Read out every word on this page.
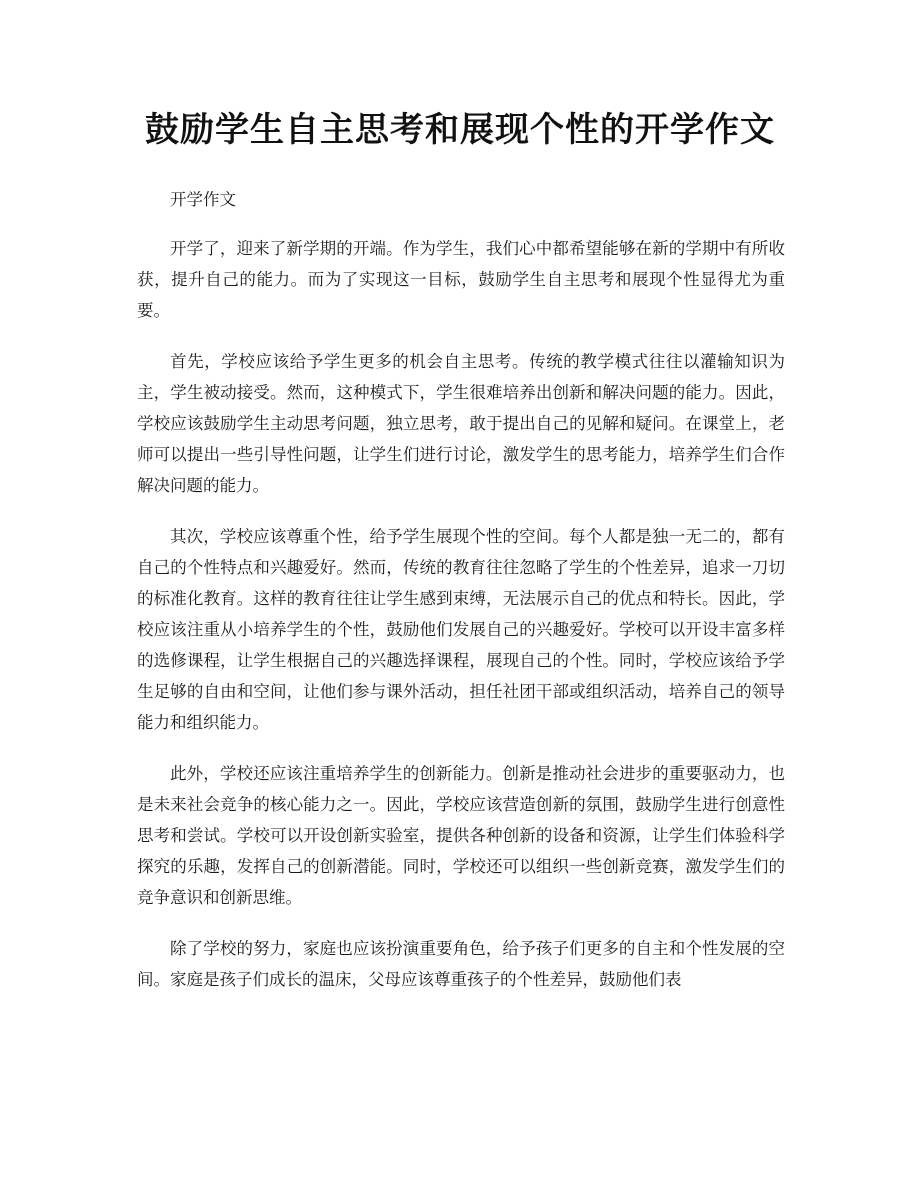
鼓励学生自主思考和展现个性的开学作文

开学作文

开学了，迎来了新学期的开端。作为学生，我们心中都希望能够在新的学期中有所收获，提升自己的能力。而为了实现这一目标，鼓励学生自主思考和展现个性显得尤为重要。

首先，学校应该给予学生更多的机会自主思考。传统的教学模式往往以灌输知识为主，学生被动接受。然而，这种模式下，学生很难培养出创新和解决问题的能力。因此，学校应该鼓励学生主动思考问题，独立思考，敢于提出自己的见解和疑问。在课堂上，老师可以提出一些引导性问题，让学生们进行讨论，激发学生的思考能力，培养学生们合作解决问题的能力。

其次，学校应该尊重个性，给予学生展现个性的空间。每个人都是独一无二的，都有自己的个性特点和兴趣爱好。然而，传统的教育往往忽略了学生的个性差异，追求一刀切的标准化教育。这样的教育往往让学生感到束缚，无法展示自己的优点和特长。因此，学校应该注重从小培养学生的个性，鼓励他们发展自己的兴趣爱好。学校可以开设丰富多样的选修课程，让学生根据自己的兴趣选择课程，展现自己的个性。同时，学校应该给予学生足够的自由和空间，让他们参与课外活动，担任社团干部或组织活动，培养自己的领导能力和组织能力。

此外，学校还应该注重培养学生的创新能力。创新是推动社会进步的重要驱动力，也是未来社会竞争的核心能力之一。因此，学校应该营造创新的氛围，鼓励学生进行创意性思考和尝试。学校可以开设创新实验室，提供各种创新的设备和资源，让学生们体验科学探究的乐趣，发挥自己的创新潜能。同时，学校还可以组织一些创新竞赛，激发学生们的竞争意识和创新思维。

除了学校的努力，家庭也应该扮演重要角色，给予孩子们更多的自主和个性发展的空间。家庭是孩子们成长的温床，父母应该尊重孩子的个性差异，鼓励他们表
